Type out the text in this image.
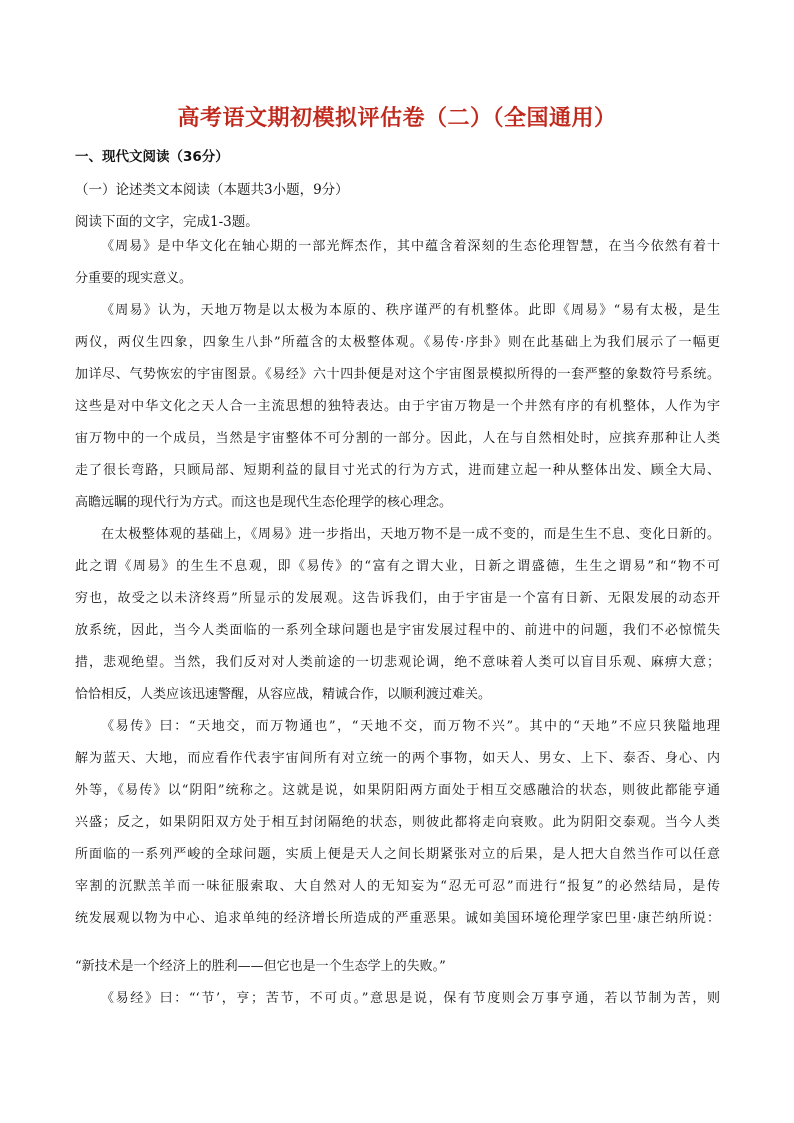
高考语文期初模拟评估卷（二）（全国通用）
一、现代文阅读（36分）
（一）论述类文本阅读（本题共3小题，9分）
阅读下面的文字，完成1-3题。
《周易》是中华文化在轴心期的一部光辉杰作，其中蕴含着深刻的生态伦理智慧，在当今依然有着十
分重要的现实意义。
《周易》认为，天地万物是以太极为本原的、秩序谨严的有机整体。此即《周易》“易有太极，是生
两仪，两仪生四象，四象生八卦”所蕴含的太极整体观。《易传·序卦》则在此基础上为我们展示了一幅更
加详尽、气势恢宏的宇宙图景。《易经》六十四卦便是对这个宇宙图景模拟所得的一套严整的象数符号系统。
这些是对中华文化之天人合一主流思想的独特表达。由于宇宙万物是一个井然有序的有机整体，人作为宇
宙万物中的一个成员，当然是宇宙整体不可分割的一部分。因此，人在与自然相处时，应摈弃那种让人类
走了很长弯路，只顾局部、短期利益的鼠目寸光式的行为方式，进而建立起一种从整体出发、顾全大局、
高瞻远瞩的现代行为方式。而这也是现代生态伦理学的核心理念。
在太极整体观的基础上，《周易》进一步指出，天地万物不是一成不变的，而是生生不息、变化日新的。
此之谓《周易》的生生不息观，即《易传》的“富有之谓大业，日新之谓盛德，生生之谓易”和“物不可
穷也，故受之以未济终焉”所显示的发展观。这告诉我们，由于宇宙是一个富有日新、无限发展的动态开
放系统，因此，当今人类面临的一系列全球问题也是宇宙发展过程中的、前进中的问题，我们不必惊慌失
措，悲观绝望。当然，我们反对对人类前途的一切悲观论调，绝不意味着人类可以盲目乐观、麻痹大意；
恰恰相反，人类应该迅速警醒，从容应战，精诚合作，以顺利渡过难关。
《易传》曰：“天地交，而万物通也”，“天地不交，而万物不兴”。其中的“天地”不应只狭隘地理
解为蓝天、大地，而应看作代表宇宙间所有对立统一的两个事物，如天人、男女、上下、泰否、身心、内
外等，《易传》以“阴阳”统称之。这就是说，如果阴阳两方面处于相互交感融洽的状态，则彼此都能亨通
兴盛；反之，如果阴阳双方处于相互封闭隔绝的状态，则彼此都将走向衰败。此为阴阳交泰观。当今人类
所面临的一系列严峻的全球问题，实质上便是天人之间长期紧张对立的后果，是人把大自然当作可以任意
宰割的沉默羔羊而一味征服索取、大自然对人的无知妄为“忍无可忍”而进行“报复”的必然结局，是传
统发展观以物为中心、追求单纯的经济增长所造成的严重恶果。诚如美国环境伦理学家巴里·康芒纳所说：
“新技术是一个经济上的胜利——但它也是一个生态学上的失败。”
《易经》曰：“‘节’，亨；苦节，不可贞。”意思是说，保有节度则会万事亨通，若以节制为苦，则
